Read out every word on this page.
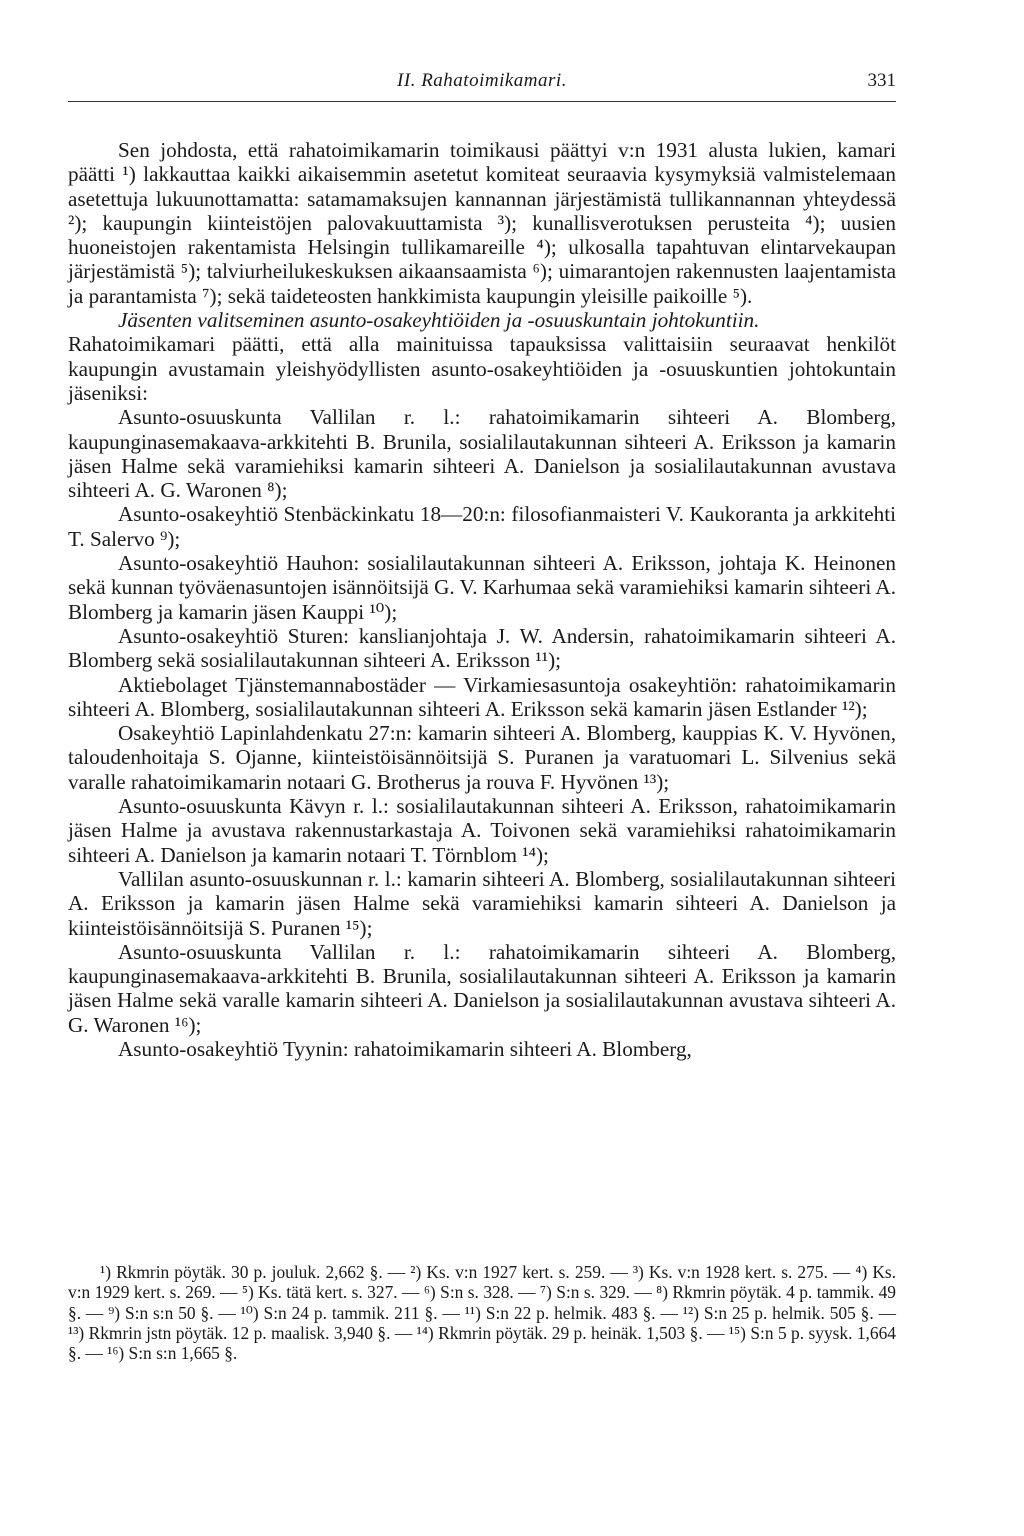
II. Rahatoimikamari.	331

Sen johdosta, että rahatoimikamarin toimikausi päättyi v:n 1931 alusta lukien, kamari päätti ¹) lakkauttaa kaikki aikaisemmin asetetut komiteat seuraavia kysymyksiä valmistelemaan asetettuja lukuunottamatta: satamamaksujen kannannan järjestämistä tullikannannan yhteydessä ²); kaupungin kiinteistöjen palovakuuttamista ³); kunallisverotuksen perusteita ⁴); uusien huoneistojen rakentamista Helsingin tullikamareille ⁴); ulkosalla tapahtuvan elintarvekaupan järjestämistä ⁵); talviurheilukeskuksen aikaansaamista ⁶); uimarantojen rakennusten laajentamista ja parantamista ⁷); sekä taideteosten hankkimista kaupungin yleisille paikoille ⁵).

Jäsenten valitseminen asunto-osakeyhtiöiden ja -osuuskuntain johtokuntiin.
Rahatoimikamari päätti, että alla mainituissa tapauksissa valittaisiin seuraavat henkilöt kaupungin avustamain yleishyödyllisten asunto-osakeyhtiöiden ja -osuuskuntien johtokuntain jäseniksi:

Asunto-osuuskunta Vallilan r. l.: rahatoimikamarin sihteeri A. Blomberg, kaupunginasemakaava-arkkitehti B. Brunila, sosialilautakunnan sihteeri A. Eriksson ja kamarin jäsen Halme sekä varamiehiksi kamarin sihteeri A. Danielson ja sosialilautakunnan avustava sihteeri A. G. Waronen ⁸);

Asunto-osakeyhtiö Stenbäckinkatu 18—20:n: filosofianmaisteri V. Kaukoranta ja arkkitehti T. Salervo ⁹);

Asunto-osakeyhtiö Hauhon: sosialilautakunnan sihteeri A. Eriksson, johtaja K. Heinonen sekä kunnan työväenasuntojen isännöitsijä G. V. Karhumaa sekä varamiehiksi kamarin sihteeri A. Blomberg ja kamarin jäsen Kauppi ¹⁰);

Asunto-osakeyhtiö Sturen: kanslianjohtaja J. W. Andersin, rahatoimikamarin sihteeri A. Blomberg sekä sosialilautakunnan sihteeri A. Eriksson ¹¹);

Aktiebolaget Tjänstemannabostäder — Virkamiesasuntoja osakeyhtiön: rahatoimikamarin sihteeri A. Blomberg, sosialilautakunnan sihteeri A. Eriksson sekä kamarin jäsen Estlander ¹²);

Osakeyhtiö Lapinlahdenkatu 27:n: kamarin sihteeri A. Blomberg, kauppias K. V. Hyvönen, taloudenhoitaja S. Ojanne, kiinteistöisännöitsijä S. Puranen ja varatuomari L. Silvenius sekä varalle rahatoimikamarin notaari G. Brotherus ja rouva F. Hyvönen ¹³);

Asunto-osuuskunta Kävyn r. l.: sosialilautakunnan sihteeri A. Eriksson, rahatoimikamarin jäsen Halme ja avustava rakennustarkastaja A. Toivonen sekä varamiehiksi rahatoimikamarin sihteeri A. Danielson ja kamarin notaari T. Törnblom ¹⁴);

Vallilan asunto-osuuskunnan r. l.: kamarin sihteeri A. Blomberg, sosialilautakunnan sihteeri A. Eriksson ja kamarin jäsen Halme sekä varamiehiksi kamarin sihteeri A. Danielson ja kiinteistöisännöitsijä S. Puranen ¹⁵);

Asunto-osuuskunta Vallilan r. l.: rahatoimikamarin sihteeri A. Blomberg, kaupunginasemakaava-arkkitehti B. Brunila, sosialilautakunnan sihteeri A. Eriksson ja kamarin jäsen Halme sekä varalle kamarin sihteeri A. Danielson ja sosialilautakunnan avustava sihteeri A. G. Waronen ¹⁶);

Asunto-osakeyhtiö Tyynin: rahatoimikamarin sihteeri A. Blomberg,

¹) Rkmrin pöytäk. 30 p. jouluk. 2,662 §. — ²) Ks. v:n 1927 kert. s. 259. — ³) Ks. v:n 1928 kert. s. 275. — ⁴) Ks. v:n 1929 kert. s. 269. — ⁵) Ks. tätä kert. s. 327. — ⁶) S:n s. 328. — ⁷) S:n s. 329. — ⁸) Rkmrin pöytäk. 4 p. tammik. 49 §. — ⁹) S:n s:n 50 §. — ¹⁰) S:n 24 p. tammik. 211 §. — ¹¹) S:n 22 p. helmik. 483 §. — ¹²) S:n 25 p. helmik. 505 §. — ¹³) Rkmrin jstn pöytäk. 12 p. maalisk. 3,940 §. — ¹⁴) Rkmrin pöytäk. 29 p. heinäk. 1,503 §. — ¹⁵) S:n 5 p. syysk. 1,664 §. — ¹⁶) S:n s:n 1,665 §.
